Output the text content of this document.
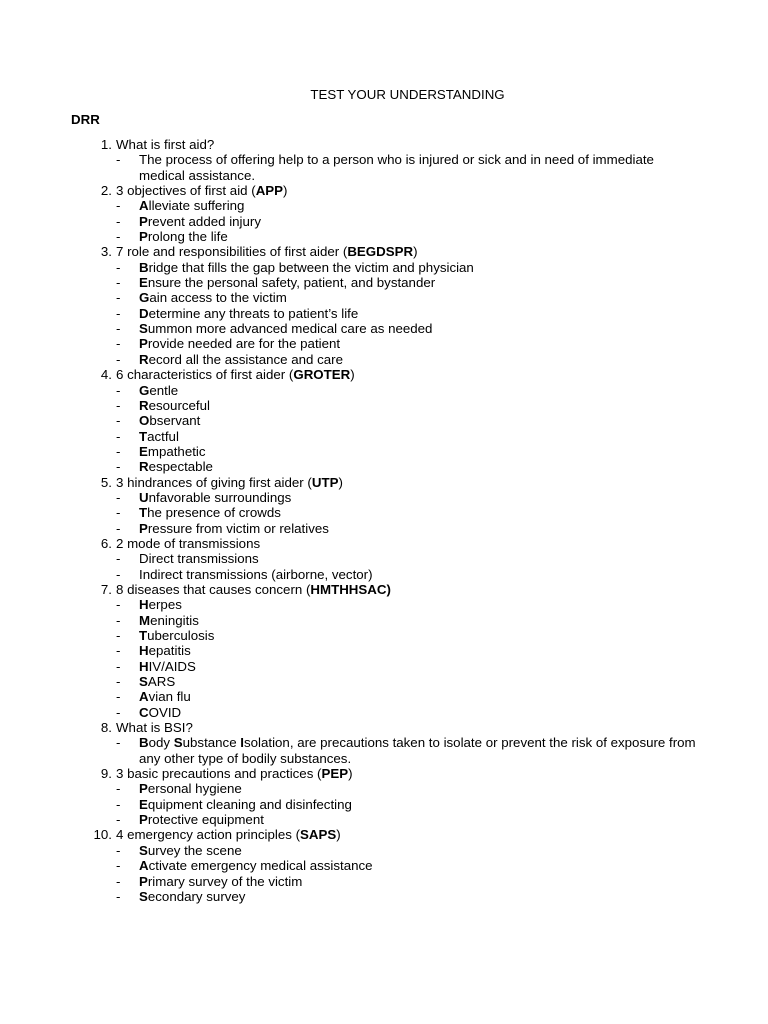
TEST YOUR UNDERSTANDING
DRR
1. What is first aid?
- The process of offering help to a person who is injured or sick and in need of immediate medical assistance.
2. 3 objectives of first aid (APP)
- Alleviate suffering
- Prevent added injury
- Prolong the life
3. 7 role and responsibilities of first aider (BEGDSPR)
- Bridge that fills the gap between the victim and physician
- Ensure the personal safety, patient, and bystander
- Gain access to the victim
- Determine any threats to patient’s life
- Summon more advanced medical care as needed
- Provide needed are for the patient
- Record all the assistance and care
4. 6 characteristics of first aider (GROTER)
- Gentle
- Resourceful
- Observant
- Tactful
- Empathetic
- Respectable
5. 3 hindrances of giving first aider (UTP)
- Unfavorable surroundings
- The presence of crowds
- Pressure from victim or relatives
6. 2 mode of transmissions
- Direct transmissions
- Indirect transmissions (airborne, vector)
7. 8 diseases that causes concern (HMTHHSAC)
- Herpes
- Meningitis
- Tuberculosis
- Hepatitis
- HIV/AIDS
- SARS
- Avian flu
- COVID
8. What is BSI?
- Body Substance Isolation, are precautions taken to isolate or prevent the risk of exposure from any other type of bodily substances.
9. 3 basic precautions and practices (PEP)
- Personal hygiene
- Equipment cleaning and disinfecting
- Protective equipment
10. 4 emergency action principles (SAPS)
- Survey the scene
- Activate emergency medical assistance
- Primary survey of the victim
- Secondary survey
